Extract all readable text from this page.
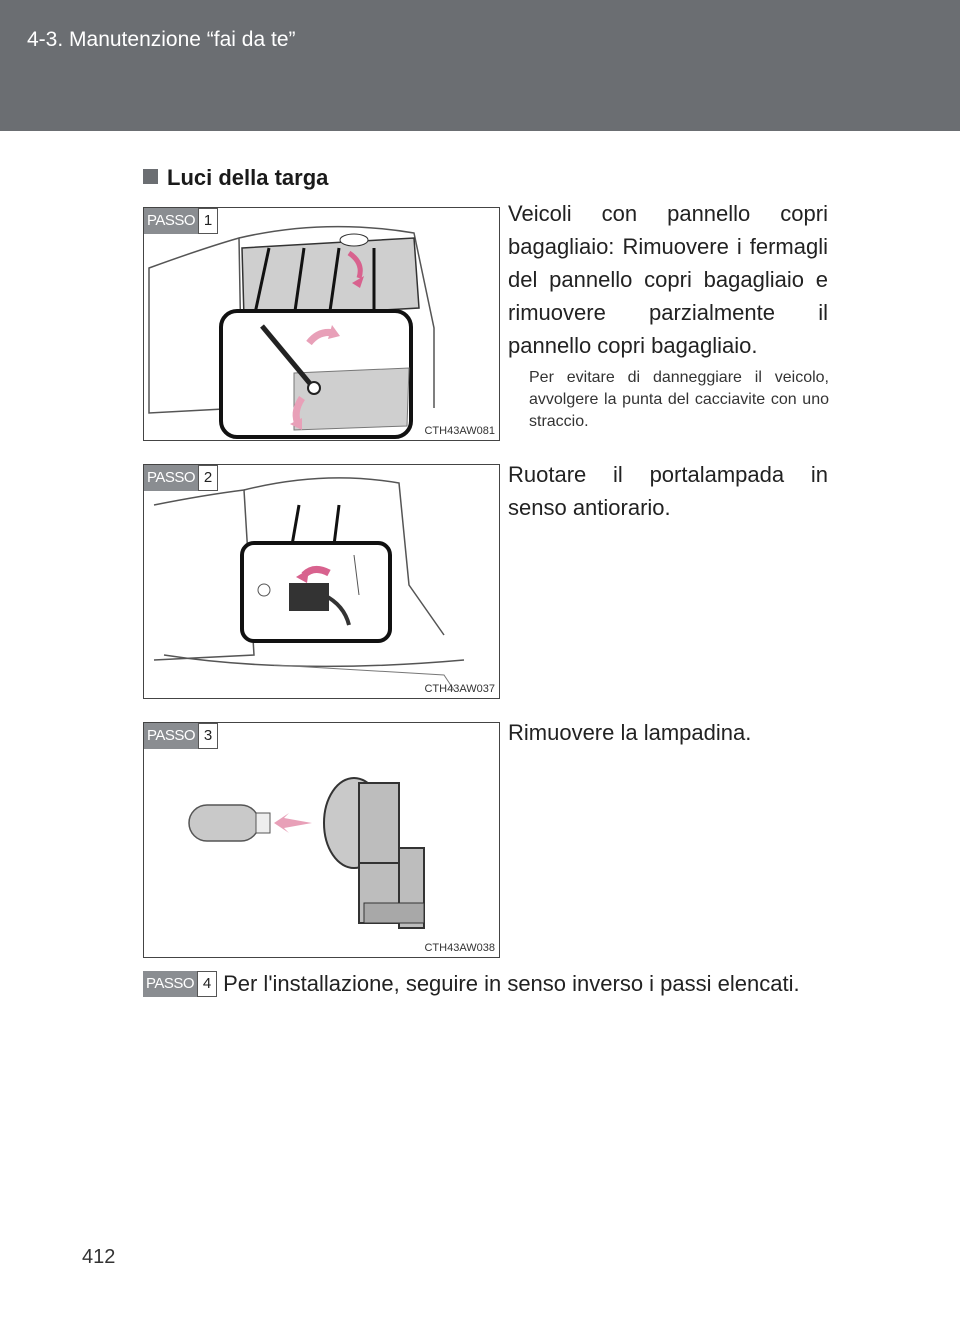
4-3. Manutenzione “fai da te”
Luci della targa
PASSO 1
CTH43AW081
Veicoli con pannello copri bagagliaio: Rimuovere i fermagli del pannello copri bagagliaio e rimuovere parzialmente il pannello copri bagagliaio.
Per evitare di danneggiare il veicolo, avvolgere la punta del cacciavite con uno straccio.
PASSO 2
CTH43AW037
Ruotare il portalampada in senso antiorario.
PASSO 3
CTH43AW038
Rimuovere la lampadina.
PASSO 4 Per l'installazione, seguire in senso inverso i passi elencati.
412
